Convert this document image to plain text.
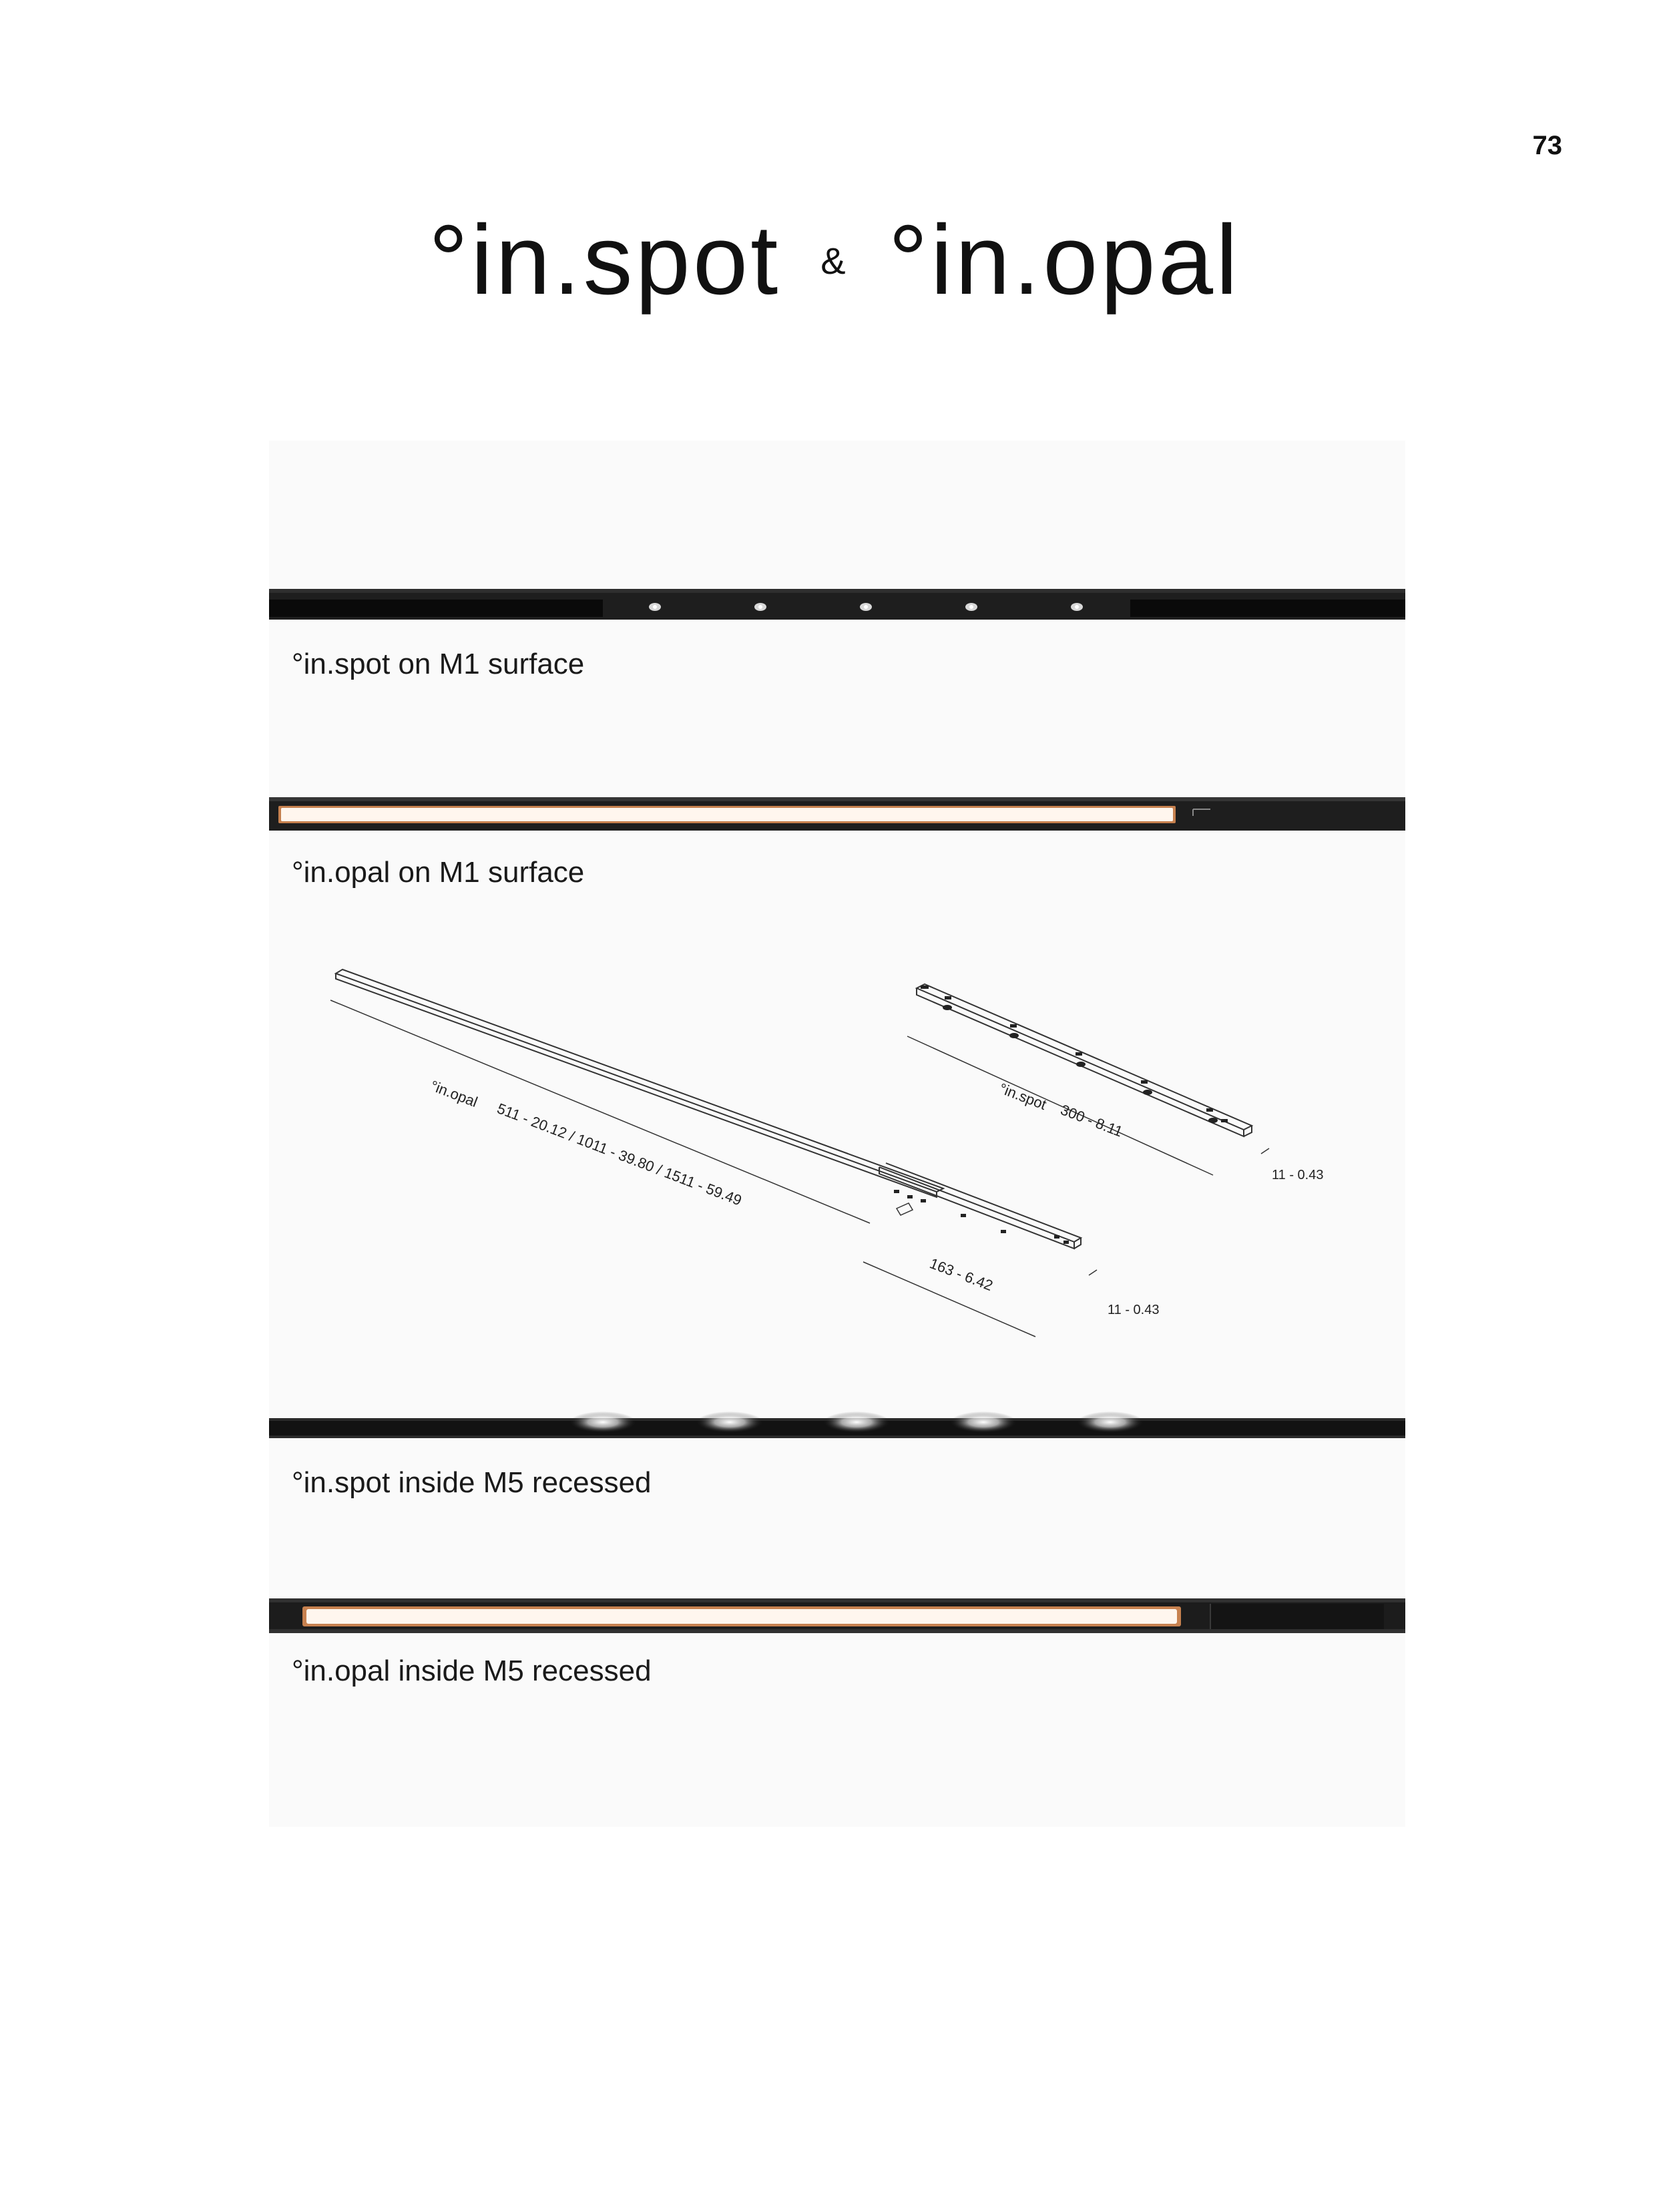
73
°in.spot & °in.opal
°in.spot on M1 surface
°in.opal on M1 surface
°in.opal
511 - 20.12 / 1011 - 39.80 / 1511 - 59.49
163 - 6.42
11 - 0.43
°in.spot
300 - 8.11
11 - 0.43
°in.spot inside M5 recessed
°in.opal inside M5 recessed
